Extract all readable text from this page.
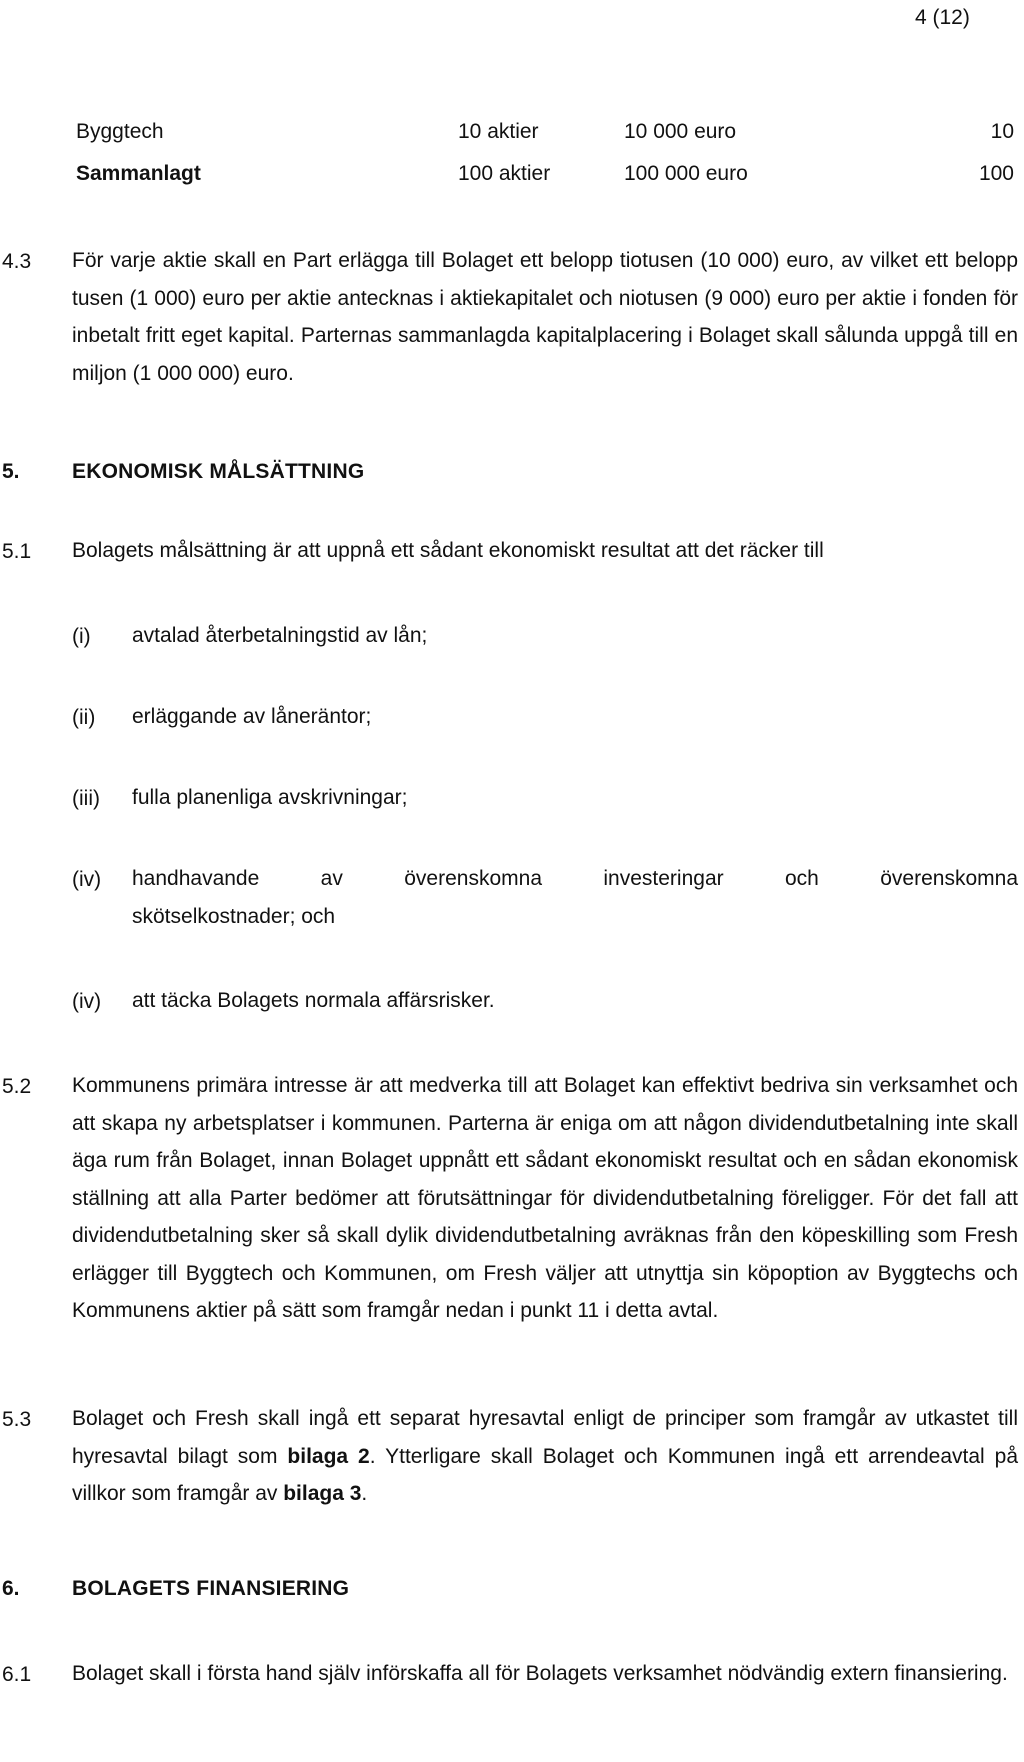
4 (12)
Byggtech	10 aktier	10 000 euro	10
Sammanlagt	100 aktier	100 000 euro	100
4.3 För varje aktie skall en Part erlägga till Bolaget ett belopp tiotusen (10 000) euro, av vilket ett belopp tusen (1 000) euro per aktie antecknas i aktiekapitalet och niotusen (9 000) euro per aktie i fonden för inbetalt fritt eget kapital. Parternas sammanlagda kapitalplacering i Bolaget skall sålunda uppgå till en miljon (1 000 000) euro.
5. EKONOMISK MÅLSÄTTNING
5.1 Bolagets målsättning är att uppnå ett sådant ekonomiskt resultat att det räcker till
(i) avtalad återbetalningstid av lån;
(ii) erläggande av låneräntor;
(iii) fulla planenliga avskrivningar;
(iv) handhavande av överenskomna investeringar och överenskomna
skötselkostnader; och
(iv) att täcka Bolagets normala affärsrisker.
5.2 Kommunens primära intresse är att medverka till att Bolaget kan effektivt bedriva sin verksamhet och att skapa ny arbetsplatser i kommunen. Parterna är eniga om att någon dividendutbetalning inte skall äga rum från Bolaget, innan Bolaget uppnått ett sådant ekonomiskt resultat och en sådan ekonomisk ställning att alla Parter bedömer att förutsättningar för dividendutbetalning föreligger. För det fall att dividendutbetalning sker så skall dylik dividendutbetalning avräknas från den köpeskilling som Fresh erlägger till Byggtech och Kommunen, om Fresh väljer att utnyttja sin köpoption av Byggtechs och Kommunens aktier på sätt som framgår nedan i punkt 11 i detta avtal.
5.3 Bolaget och Fresh skall ingå ett separat hyresavtal enligt de principer som framgår av utkastet till hyresavtal bilagt som bilaga 2. Ytterligare skall Bolaget och Kommunen ingå ett arrendeavtal på villkor som framgår av bilaga 3.
6. BOLAGETS FINANSIERING
6.1 Bolaget skall i första hand själv införskaffa all för Bolagets verksamhet nödvändig extern finansiering.
